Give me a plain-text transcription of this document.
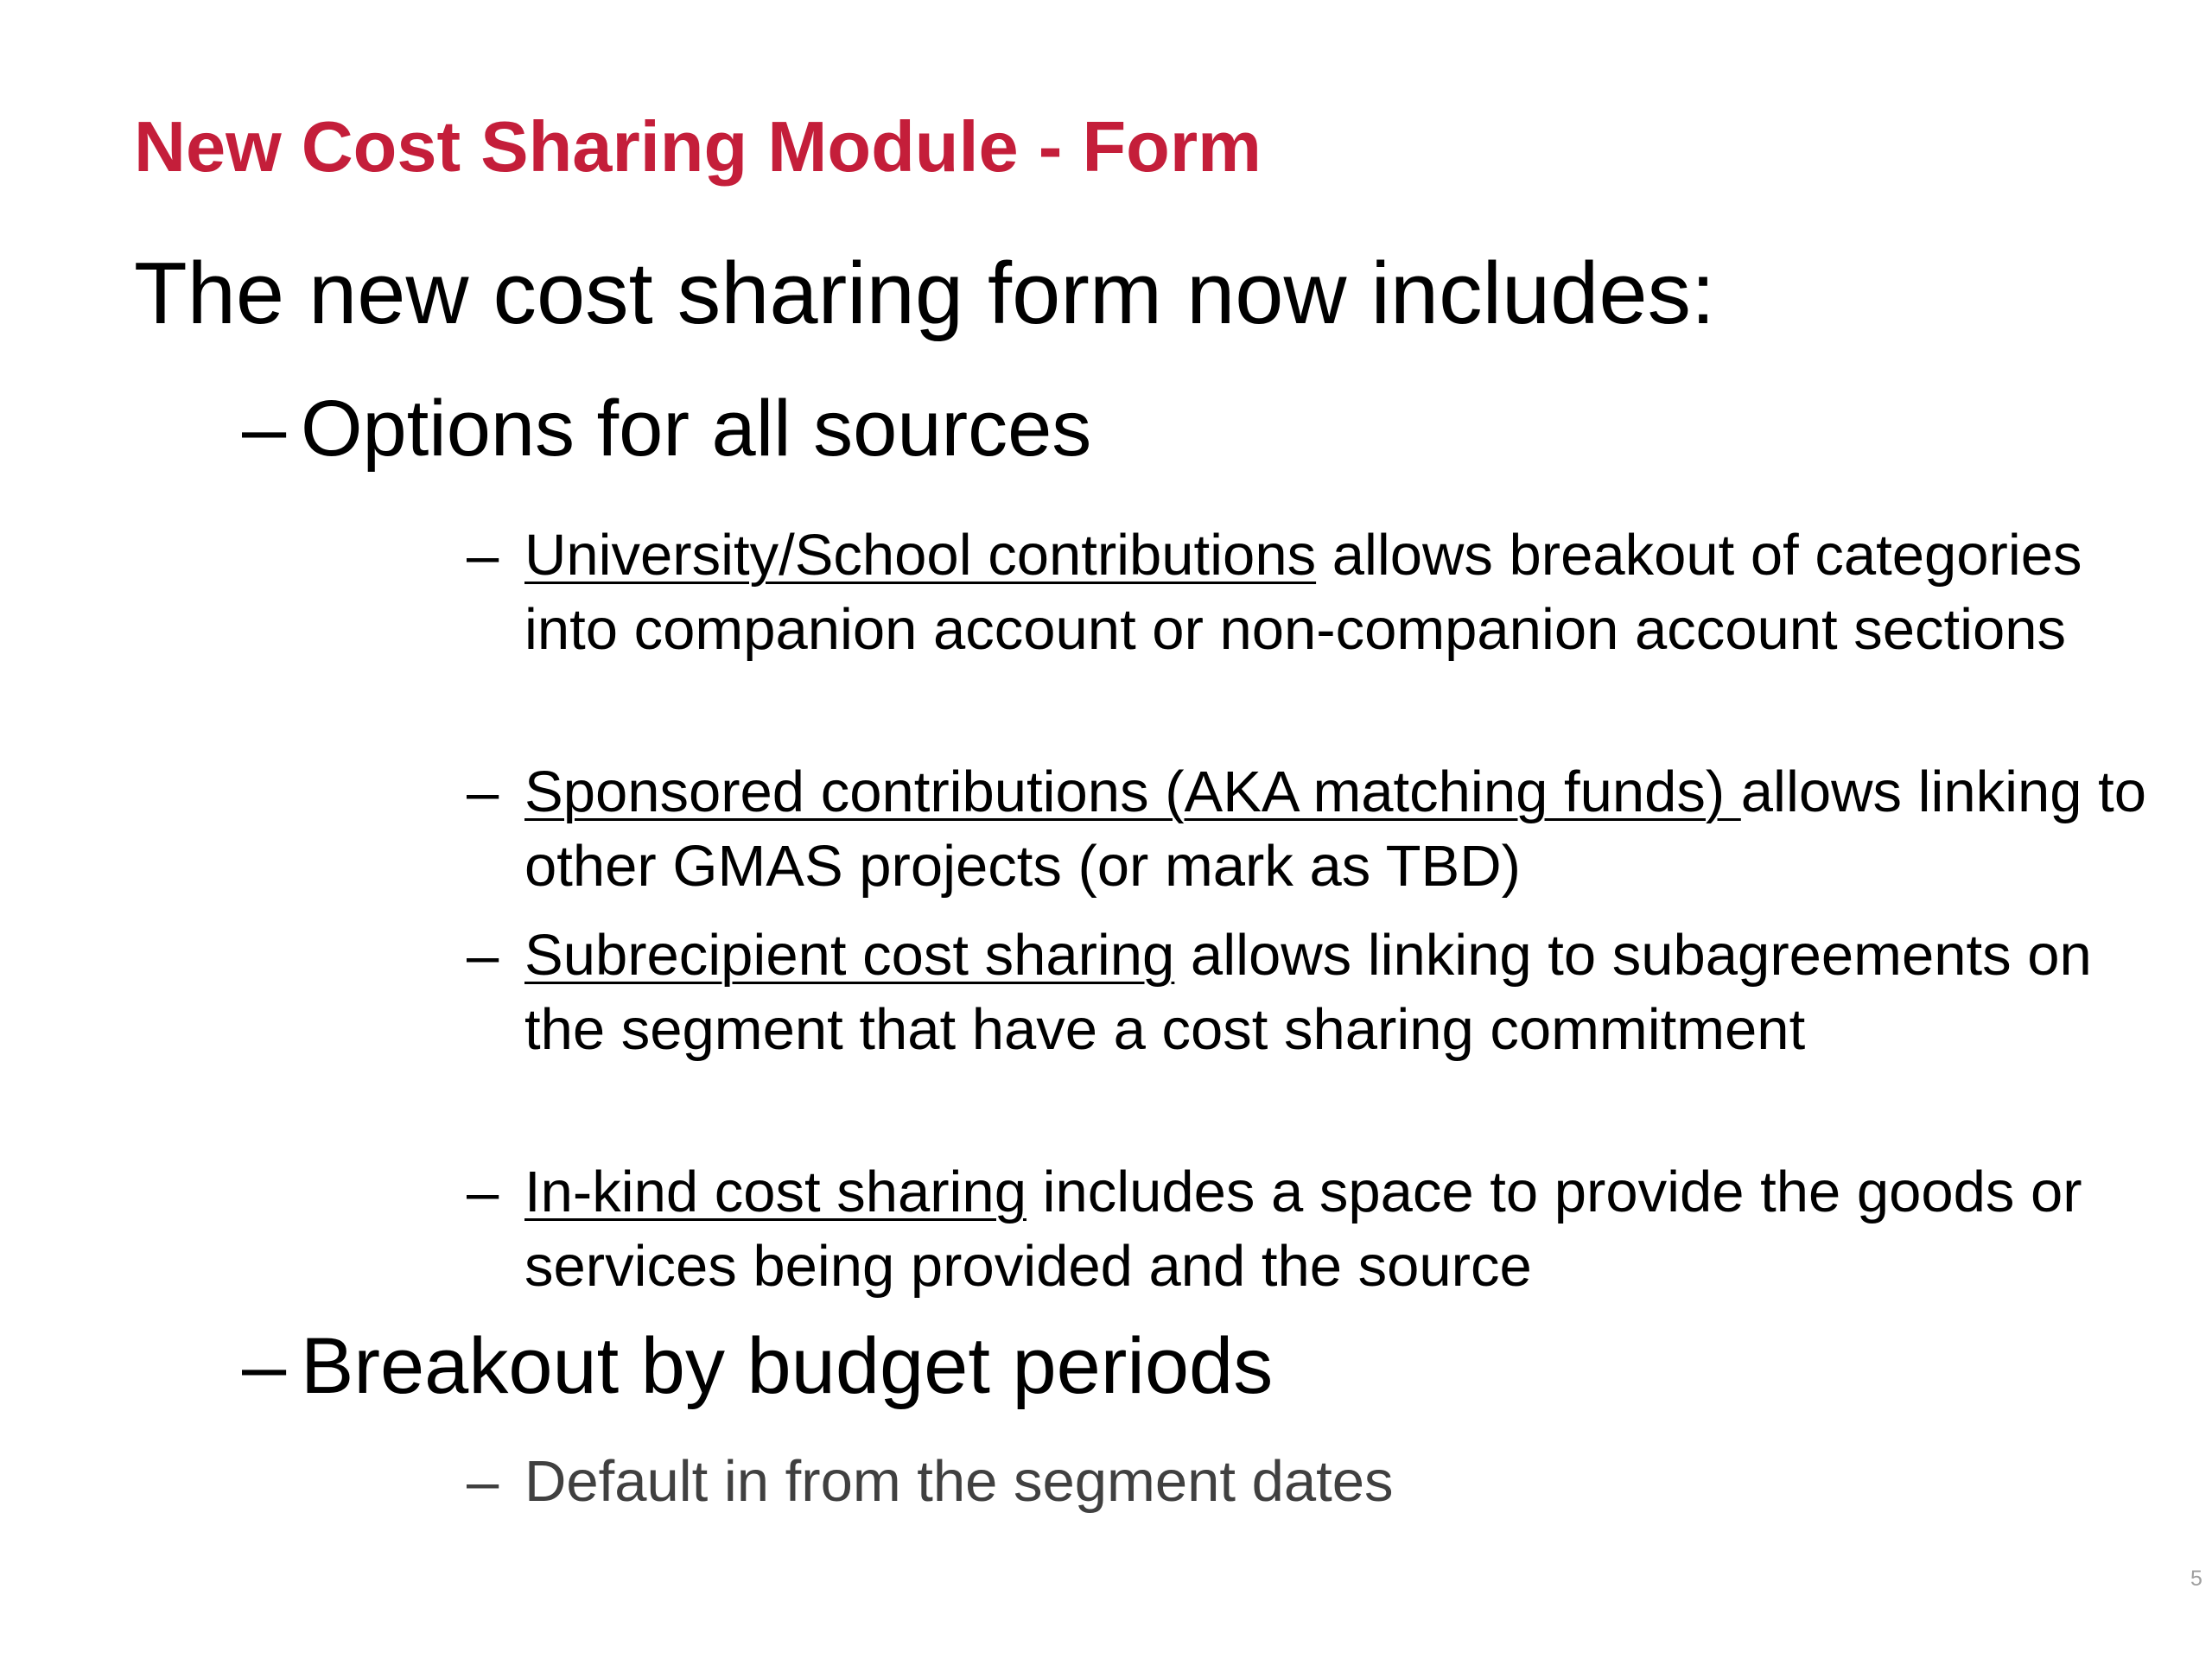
New Cost Sharing Module - Form
The new cost sharing form now includes:
– Options for all sources
– University/School contributions allows breakout of categories into companion account or non-companion account sections
– Sponsored contributions (AKA matching funds) allows linking to other GMAS projects (or mark as TBD)
– Subrecipient cost sharing allows linking to subagreements on the segment that have a cost sharing commitment
– In-kind cost sharing includes a space to provide the goods or services being provided and the source
– Breakout by budget periods
– Default in from the segment dates
5
